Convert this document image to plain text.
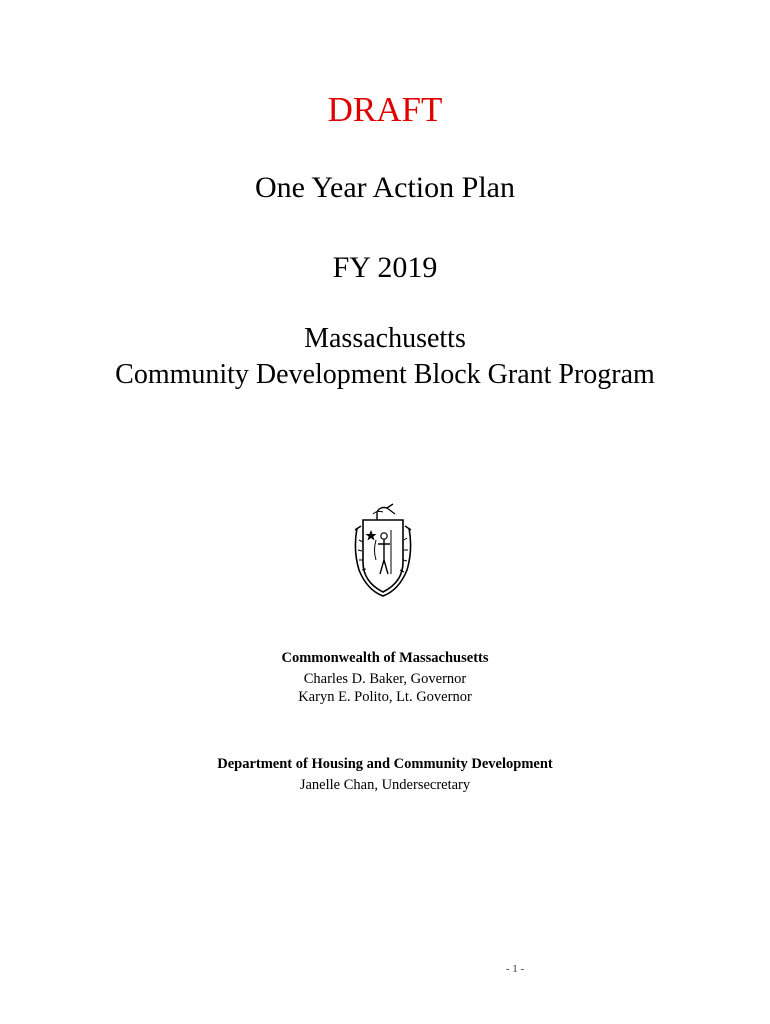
DRAFT
One Year Action Plan
FY 2019
Massachusetts
Community Development Block Grant Program
Commonwealth of Massachusetts
Charles D. Baker, Governor
Karyn E. Polito, Lt. Governor
Department of Housing and Community Development
Janelle Chan, Undersecretary
- 1 -
